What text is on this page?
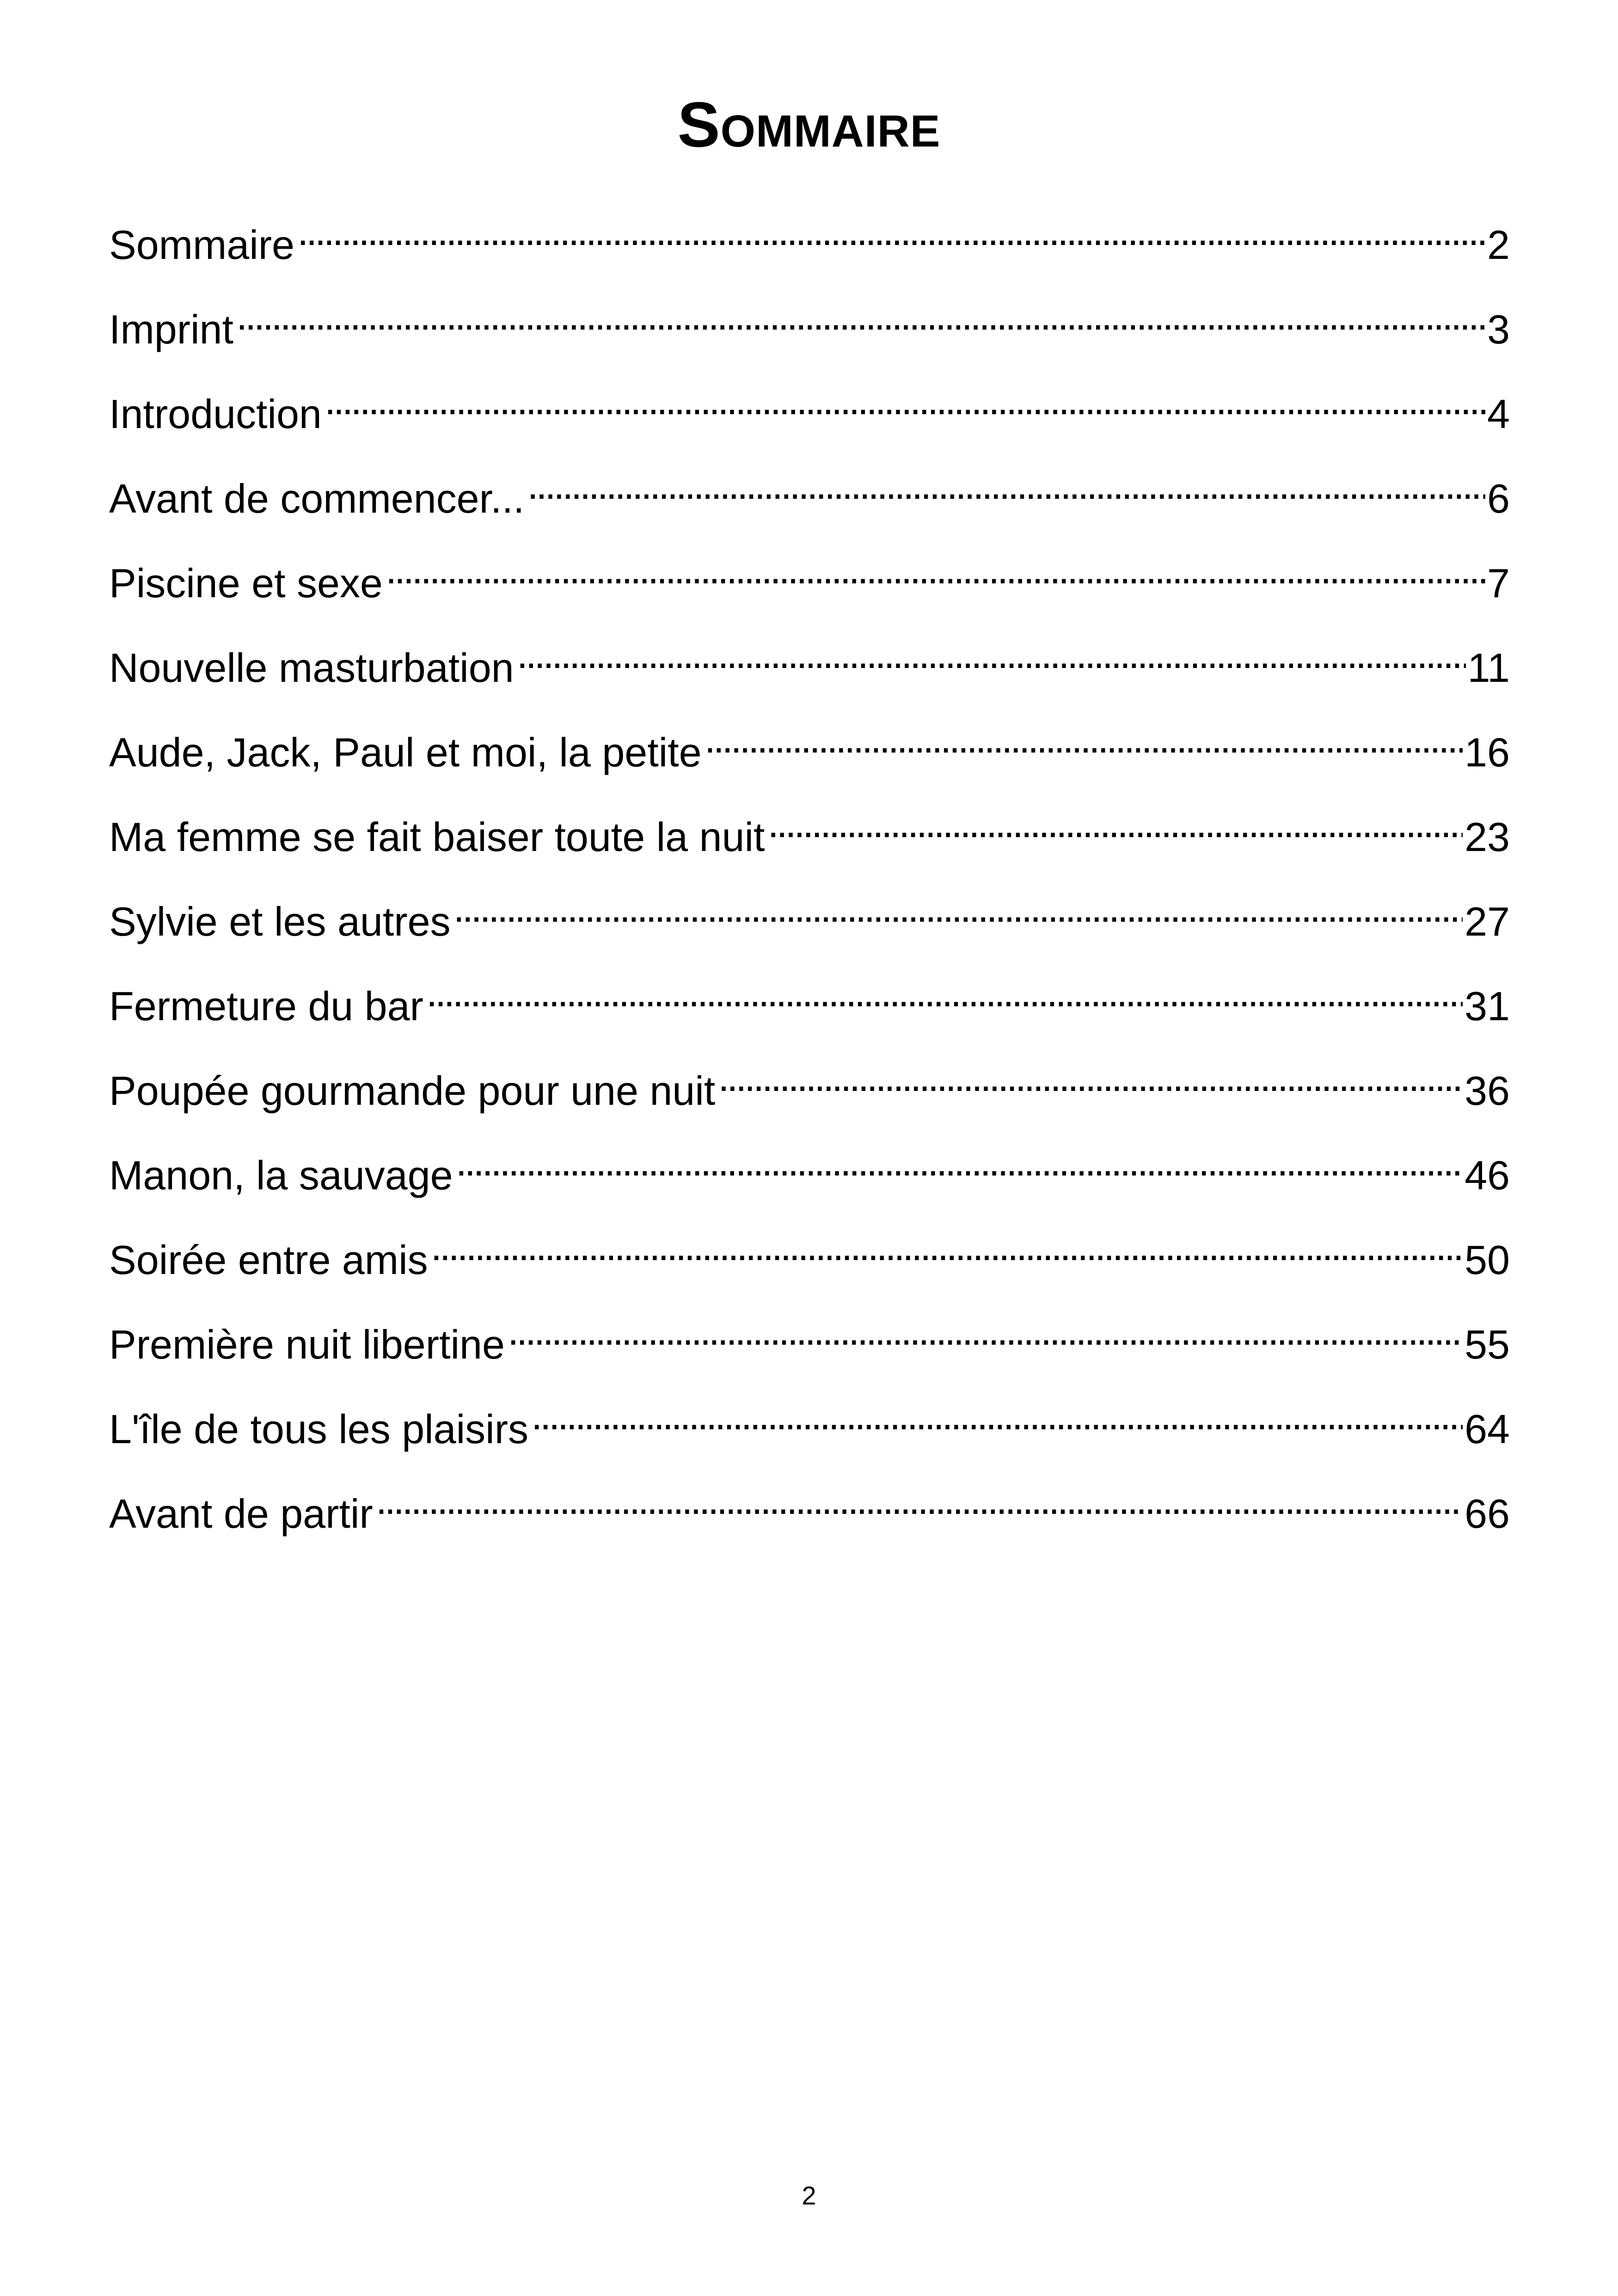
Sommaire
Sommaire . . .	2
Imprint . . .	3
Introduction . . .	4
Avant de commencer... . . .	6
Piscine et sexe . . .	7
Nouvelle masturbation . . .	11
Aude, Jack, Paul et moi, la petite . . .	16
Ma femme se fait baiser toute la nuit . . .	23
Sylvie et les autres . . .	27
Fermeture du bar . . .	31
Poupée gourmande pour une nuit . . .	36
Manon, la sauvage . . .	46
Soirée entre amis . . .	50
Première nuit libertine . . .	55
L'île de tous les plaisirs . . .	64
Avant de partir . . .	66
2
